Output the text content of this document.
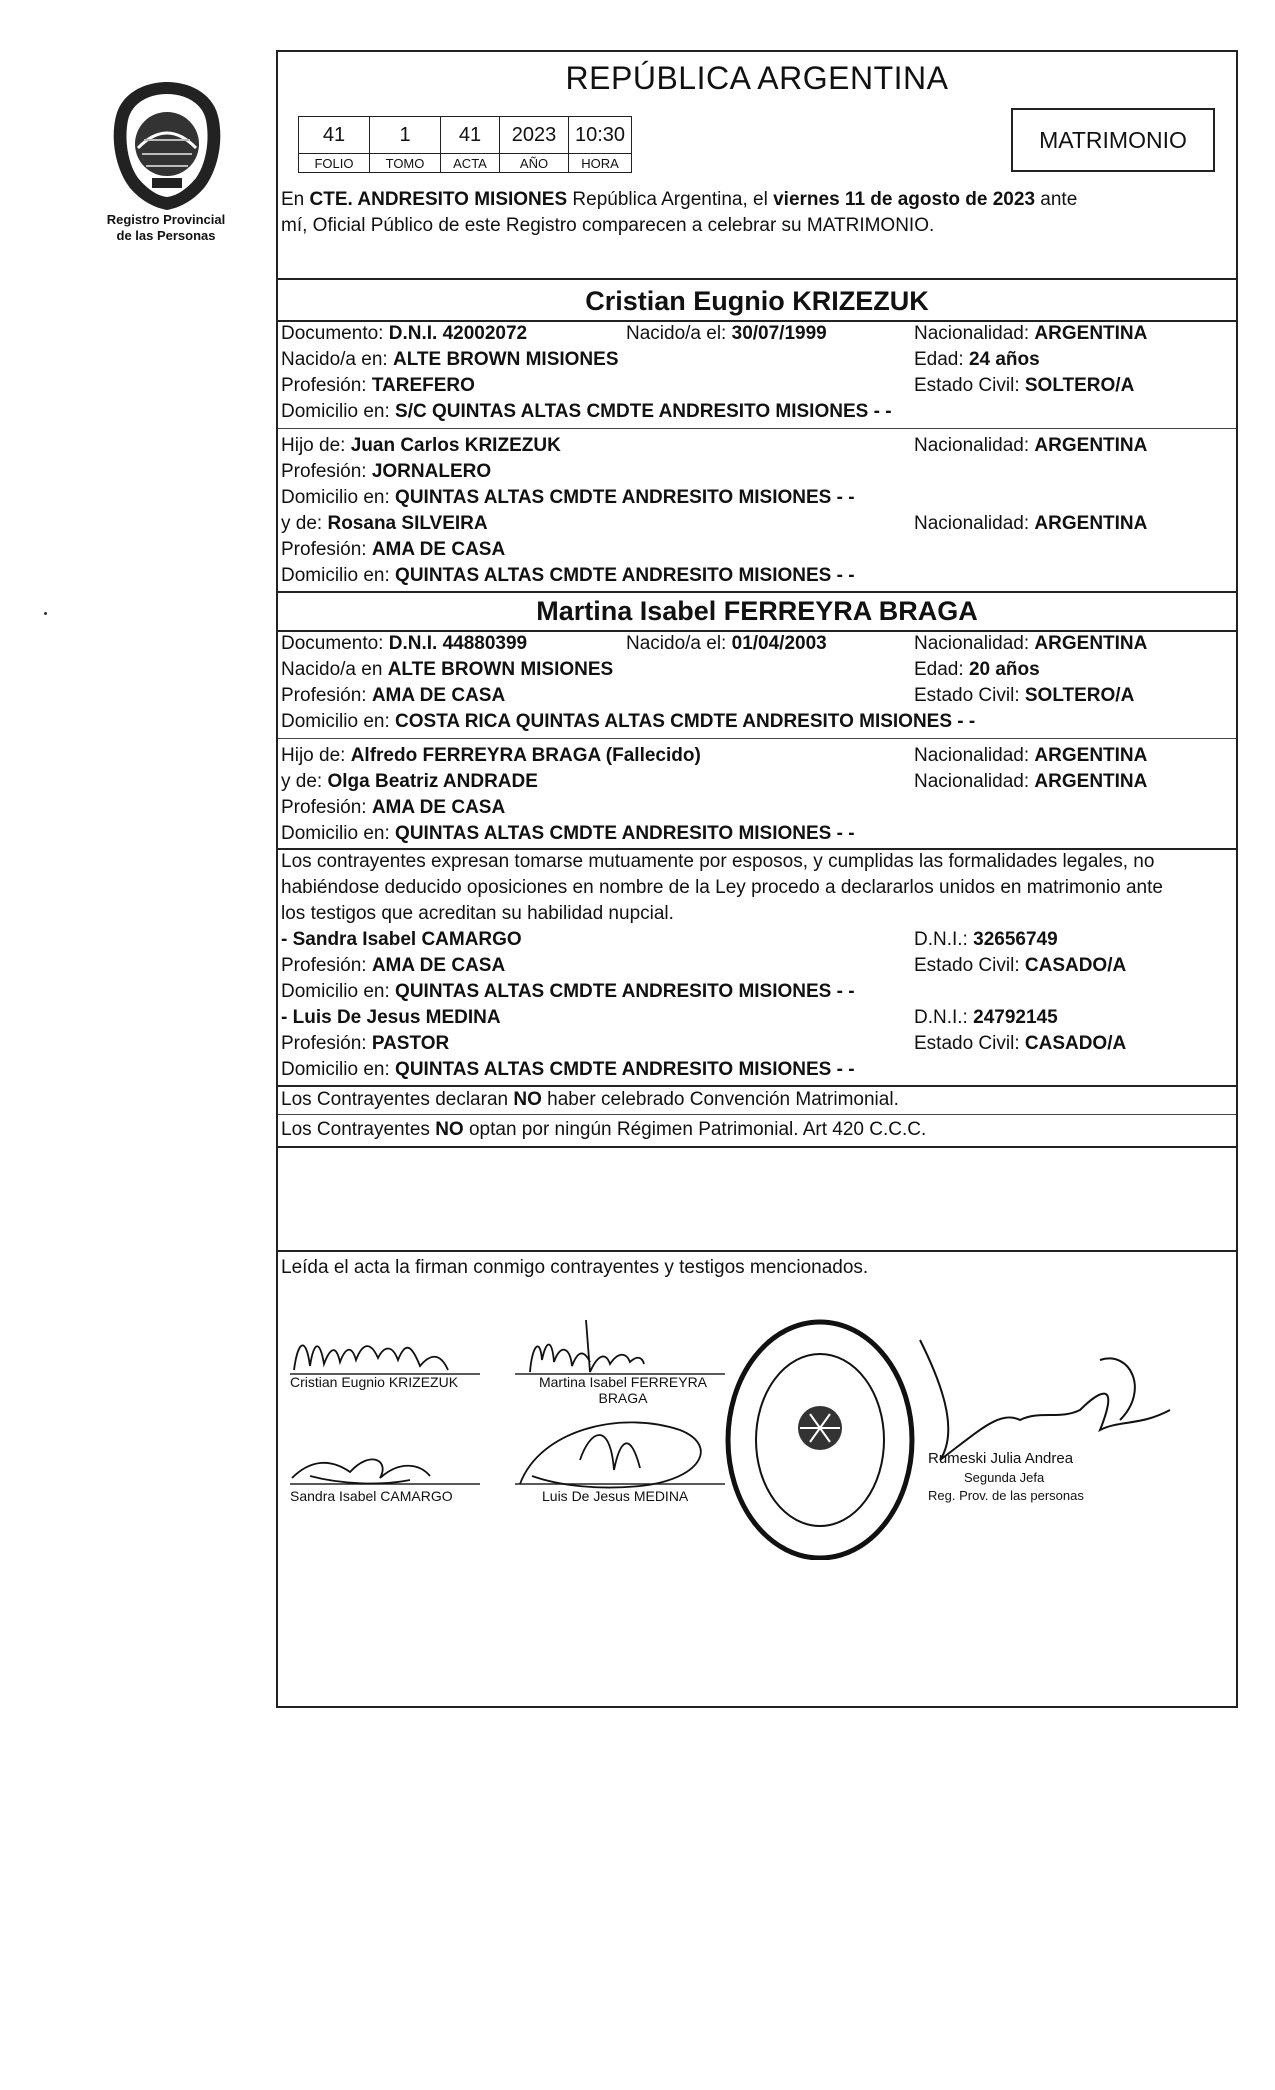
Registro Provincial
de las Personas
REPÚBLICA ARGENTINA
41	1	41	2023	10:30
FOLIO	TOMO	ACTA	AÑO	HORA
MATRIMONIO
En CTE. ANDRESITO MISIONES República Argentina, el viernes 11 de agosto de 2023 ante
mí, Oficial Público de este Registro comparecen a celebrar su MATRIMONIO.
Cristian Eugnio KRIZEZUK
Documento: D.N.I. 42002072	Nacido/a el: 30/07/1999	Nacionalidad: ARGENTINA
Nacido/a en: ALTE BROWN MISIONES	Edad: 24 años
Profesión: TAREFERO	Estado Civil: SOLTERO/A
Domicilio en: S/C QUINTAS ALTAS CMDTE ANDRESITO MISIONES - -
Hijo de: Juan Carlos KRIZEZUK	Nacionalidad: ARGENTINA
Profesión: JORNALERO
Domicilio en: QUINTAS ALTAS CMDTE ANDRESITO MISIONES - -
y de: Rosana SILVEIRA	Nacionalidad: ARGENTINA
Profesión: AMA DE CASA
Domicilio en: QUINTAS ALTAS CMDTE ANDRESITO MISIONES - -
Martina Isabel FERREYRA BRAGA
Documento: D.N.I. 44880399	Nacido/a el: 01/04/2003	Nacionalidad: ARGENTINA
Nacido/a en ALTE BROWN MISIONES	Edad: 20 años
Profesión: AMA DE CASA	Estado Civil: SOLTERO/A
Domicilio en: COSTA RICA QUINTAS ALTAS CMDTE ANDRESITO MISIONES - -
Hijo de: Alfredo FERREYRA BRAGA (Fallecido)	Nacionalidad: ARGENTINA
y de: Olga Beatriz ANDRADE	Nacionalidad: ARGENTINA
Profesión: AMA DE CASA
Domicilio en: QUINTAS ALTAS CMDTE ANDRESITO MISIONES - -
Los contrayentes expresan tomarse mutuamente por esposos, y cumplidas las formalidades legales, no
habiéndose deducido oposiciones en nombre de la Ley procedo a declararlos unidos en matrimonio ante
los testigos que acreditan su habilidad nupcial.
- Sandra Isabel CAMARGO	D.N.I.: 32656749
Profesión: AMA DE CASA	Estado Civil: CASADO/A
Domicilio en: QUINTAS ALTAS CMDTE ANDRESITO MISIONES - -
- Luis De Jesus MEDINA	D.N.I.: 24792145
Profesión: PASTOR	Estado Civil: CASADO/A
Domicilio en: QUINTAS ALTAS CMDTE ANDRESITO MISIONES - -
Los Contrayentes declaran NO haber celebrado Convención Matrimonial.
Los Contrayentes NO optan por ningún Régimen Patrimonial. Art 420 C.C.C.
Leída el acta la firman conmigo contrayentes y testigos mencionados.
Cristian Eugnio KRIZEZUK	Martina Isabel FERREYRA
BRAGA
Sandra Isabel CAMARGO	Luis De Jesus MEDINA
Rumeski Julia Andrea
Segunda Jefa
Reg. Prov. de las personas
